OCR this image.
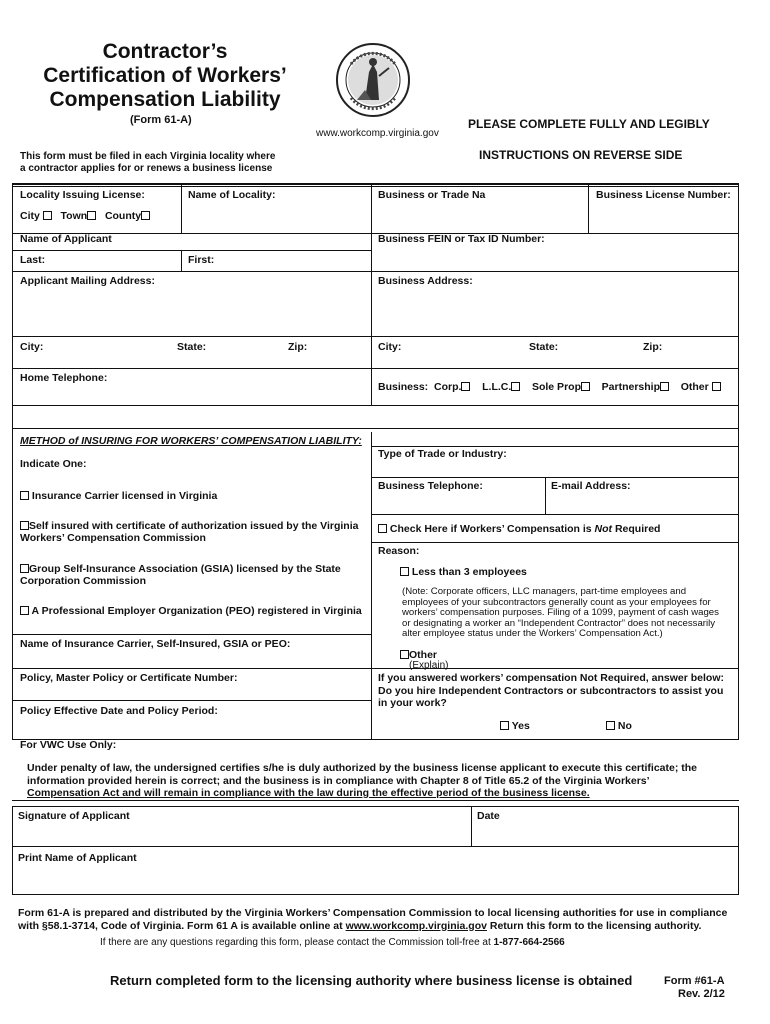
Contractor’s
Certification of Workers’
Compensation Liability
(Form 61-A)
www.workcomp.virginia.gov
PLEASE COMPLETE FULLY AND LEGIBLY
INSTRUCTIONS ON REVERSE SIDE
This form must be filed in each Virginia locality where
a contractor applies for or renews a business license
Locality Issuing License:	Name of Locality:
City Town County
Name of Applicant
Last:	First:
Applicant Mailing Address:
City:	State:	Zip:
Home Telephone:
Business or Trade Na	Business License Number:
Business FEIN or Tax ID Number:
Business Address:
City:	State:	Zip:
Business: Corp. L.L.C. Sole Prop Partnership Other
METHOD of INSURING FOR WORKERS’ COMPENSATION LIABILITY:
Indicate One:
Insurance Carrier licensed in Virginia
Self insured with certificate of authorization issued by the Virginia
Workers’ Compensation Commission
Group Self-Insurance Association (GSIA) licensed by the State
Corporation Commission
A Professional Employer Organization (PEO) registered in Virginia
Name of Insurance Carrier, Self-Insured, GSIA or PEO:
Policy, Master Policy or Certificate Number:
Policy Effective Date and Policy Period:
For VWC Use Only:
Type of Trade or Industry:
Business Telephone:	E-mail Address:
Check Here if Workers’ Compensation is Not Required
Reason:
Less than 3 employees
(Note: Corporate officers, LLC managers, part-time employees and
employees of your subcontractors generally count as your employees for
workers’ compensation purposes. Filing of a 1099, payment of cash wages
or designating a worker an “Independent Contractor” does not necessarily
alter employee status under the Workers’ Compensation Act.)
Other
(Explain)
If you answered workers’ compensation Not Required, answer below:
Do you hire Independent Contractors or subcontractors to assist you
in your work?
Yes	No
Under penalty of law, the undersigned certifies s/he is duly authorized by the business license applicant to execute this certificate; the
information provided herein is correct; and the business is in compliance with Chapter 8 of Title 65.2 of the Virginia Workers’
Compensation Act and will remain in compliance with the law during the effective period of the business license.
Signature of Applicant	Date
Print Name of Applicant
Form 61-A is prepared and distributed by the Virginia Workers’ Compensation Commission to local licensing authorities for use in compliance
with §58.1-3714, Code of Virginia. Form 61 A is available online at www.workcomp.virginia.gov Return this form to the licensing authority.
If there are any questions regarding this form, please contact the Commission toll-free at 1-877-664-2566
Return completed form to the licensing authority where business license is obtained	Form #61-A
Rev. 2/12
